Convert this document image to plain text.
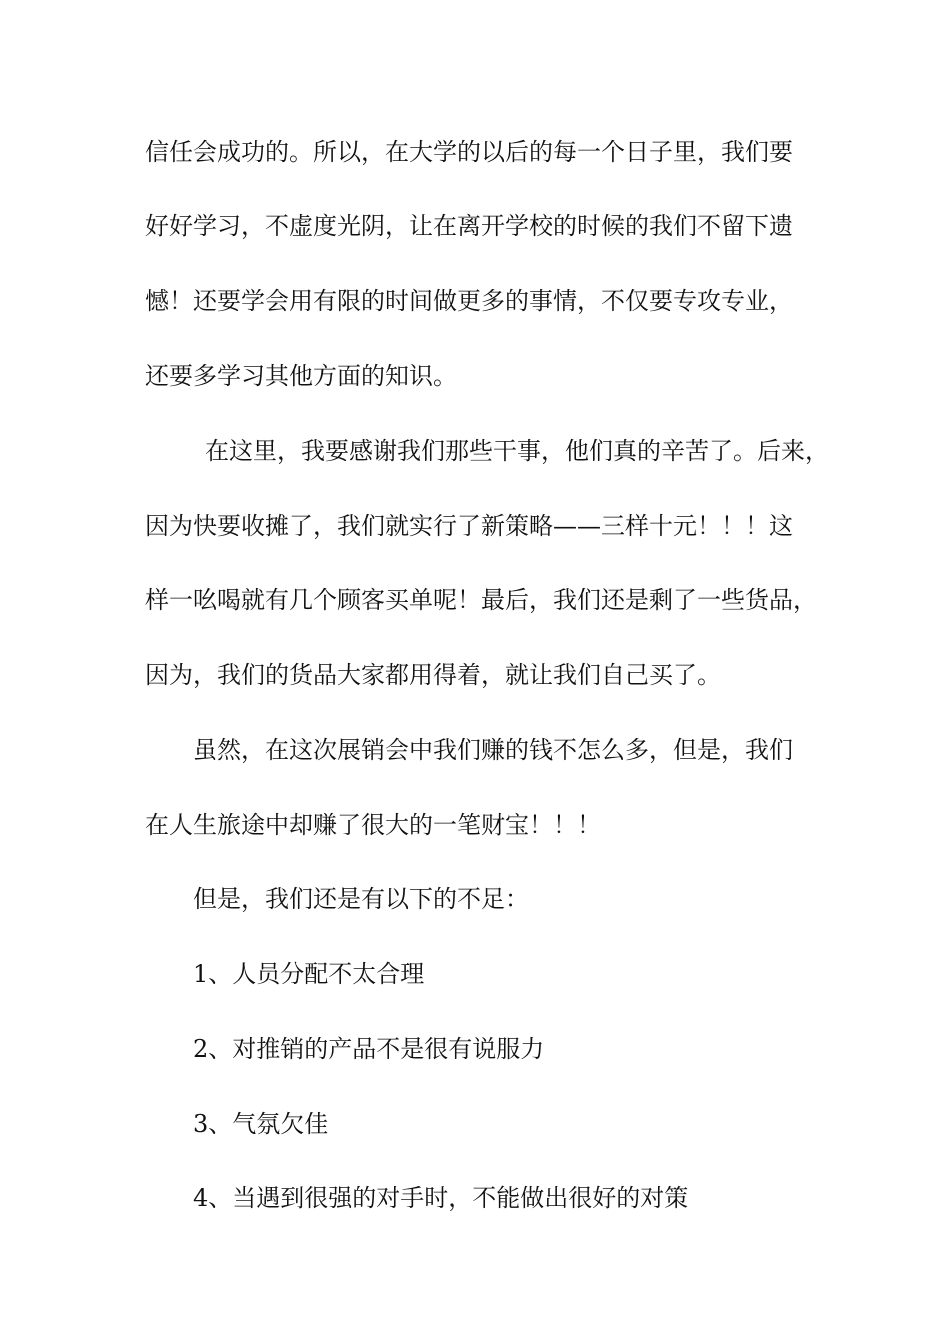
信任会成功的。所以，在大学的以后的每一个日子里，我们要

好好学习，不虚度光阴，让在离开学校的时候的我们不留下遗

憾！还要学会用有限的时间做更多的事情，不仅要专攻专业，

还要多学习其他方面的知识。

在这里，我要感谢我们那些干事，他们真的辛苦了。后来，

因为快要收摊了，我们就实行了新策略——三样十元！！！这

样一吆喝就有几个顾客买单呢！最后，我们还是剩了一些货品，

因为，我们的货品大家都用得着，就让我们自己买了。

虽然，在这次展销会中我们赚的钱不怎么多，但是，我们

在人生旅途中却赚了很大的一笔财宝！！！

但是，我们还是有以下的不足：

1、人员分配不太合理

2、对推销的产品不是很有说服力

3、气氛欠佳

4、当遇到很强的对手时，不能做出很好的对策
